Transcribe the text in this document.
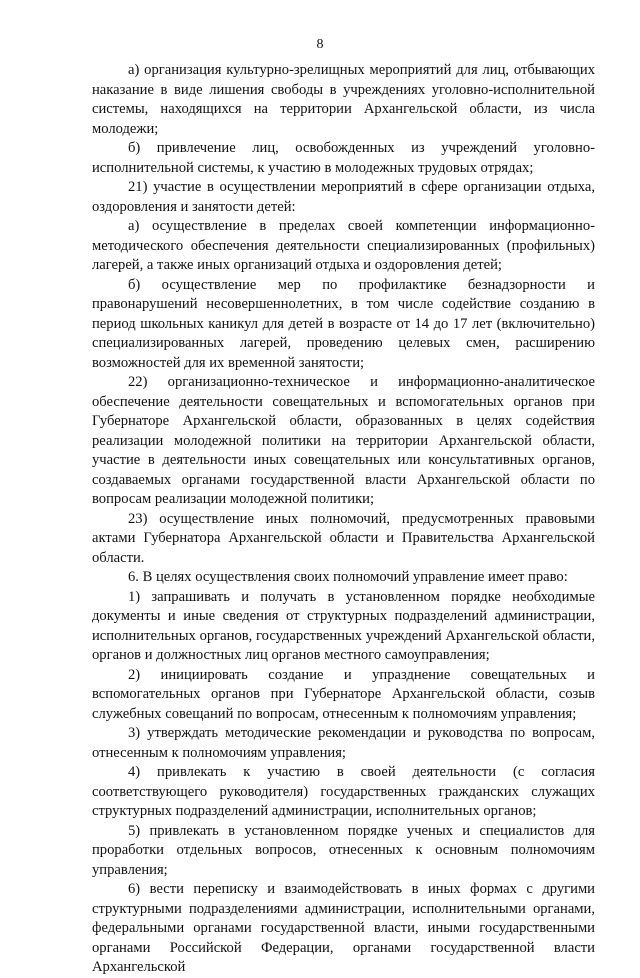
8

а) организация культурно-зрелищных мероприятий для лиц, отбывающих наказание в виде лишения свободы в учреждениях уголовно-исполнительной системы, находящихся на территории Архангельской области, из числа молодежи;

б) привлечение лиц, освобожденных из учреждений уголовно-исполнительной системы, к участию в молодежных трудовых отрядах;

21) участие в осуществлении мероприятий в сфере организации отдыха, оздоровления и занятости детей:

а) осуществление в пределах своей компетенции информационно-методического обеспечения деятельности специализированных (профильных) лагерей, а также иных организаций отдыха и оздоровления детей;

б) осуществление мер по профилактике безнадзорности и правонарушений несовершеннолетних, в том числе содействие созданию в период школьных каникул для детей в возрасте от 14 до 17 лет (включительно) специализированных лагерей, проведению целевых смен, расширению возможностей для их временной занятости;

22) организационно-техническое и информационно-аналитическое обеспечение деятельности совещательных и вспомогательных органов при Губернаторе Архангельской области, образованных в целях содействия реализации молодежной политики на территории Архангельской области, участие в деятельности иных совещательных или консультативных органов, создаваемых органами государственной власти Архангельской области по вопросам реализации молодежной политики;

23) осуществление иных полномочий, предусмотренных правовыми актами Губернатора Архангельской области и Правительства Архангельской области.

6. В целях осуществления своих полномочий управление имеет право:

1) запрашивать и получать в установленном порядке необходимые документы и иные сведения от структурных подразделений администрации, исполнительных органов, государственных учреждений Архангельской области, органов и должностных лиц органов местного самоуправления;

2) инициировать создание и упразднение совещательных и вспомогательных органов при Губернаторе Архангельской области, созыв служебных совещаний по вопросам, отнесенным к полномочиям управления;

3) утверждать методические рекомендации и руководства по вопросам, отнесенным к полномочиям управления;

4) привлекать к участию в своей деятельности (с согласия соответствующего руководителя) государственных гражданских служащих структурных подразделений администрации, исполнительных органов;

5) привлекать в установленном порядке ученых и специалистов для проработки отдельных вопросов, отнесенных к основным полномочиям управления;

6) вести переписку и взаимодействовать в иных формах с другими структурными подразделениями администрации, исполнительными органами, федеральными органами государственной власти, иными государственными органами Российской Федерации, органами государственной власти Архангельской
